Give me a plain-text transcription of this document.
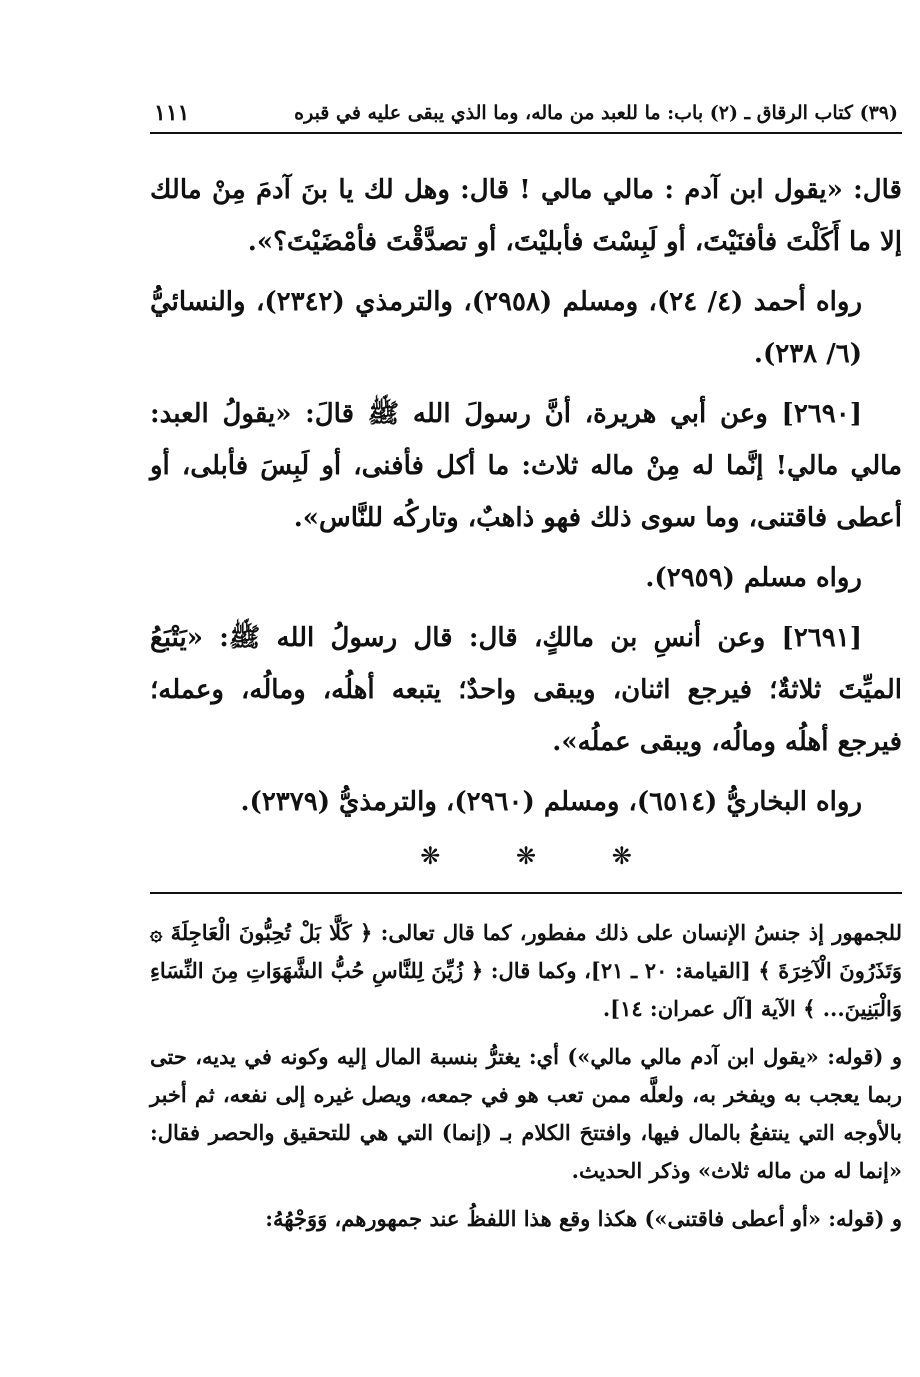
(٣٩) كتاب الرقاق ـ (٢) باب: ما للعبد من ماله، وما الذي يبقى عليه في قبره
١١١

قال: «يقول ابن آدم : مالي مالي ! قال: وهل لك يا بنَ آدمَ مِنْ مالك إلا ما أَكَلْتَ فأفنَيْتَ، أو لَبِسْتَ فأبليْتَ، أو تصدَّقْتَ فأمْضَيْتَ؟».

رواه أحمد (٤/ ٢٤)، ومسلم (٢٩٥٨)، والترمذي (٢٣٤٢)، والنسائيُّ (٦/ ٢٣٨).

[٢٦٩٠] وعن أبي هريرة، أنَّ رسولَ الله ﷺ قالَ: «يقولُ العبد: مالي مالي! إنَّما له مِنْ ماله ثلاث: ما أكل فأفنى، أو لَبِسَ فأبلى، أو أعطى فاقتنى، وما سوى ذلك فهو ذاهبٌ، وتاركُه للنَّاس».

رواه مسلم (٢٩٥٩).

[٢٦٩١] وعن أنسِ بن مالكٍ، قال: قال رسولُ الله ﷺ: «يَتْبَعُ الميِّتَ ثلاثةٌ؛ فيرجع اثنان، ويبقى واحدٌ؛ يتبعه أهلُه، ومالُه، وعمله؛ فيرجع أهلُه ومالُه، ويبقى عملُه».

رواه البخاريُّ (٦٥١٤)، ومسلم (٢٩٦٠)، والترمذيُّ (٢٣٧٩).

❋	❋	❋

للجمهور إذ جنسُ الإنسان على ذلك مفطور، كما قال تعالى: ﴿ كَلَّا بَلْ تُحِبُّونَ الْعَاجِلَةَ ۞ وَتَذَرُونَ الْآخِرَةَ ﴾ [القيامة: ٢٠ ـ ٢١]، وكما قال: ﴿ زُيِّنَ لِلنَّاسِ حُبُّ الشَّهَوَاتِ مِنَ النِّسَاءِ وَالْبَنِينَ... ﴾ الآية [آل عمران: ١٤].

و (قوله: «يقول ابن آدم مالي مالي») أي: يغترُّ بنسبة المال إليه وكونه في يديه، حتى ربما يعجب به ويفخر به، ولعلَّه ممن تعب هو في جمعه، ويصل غيره إلى نفعه، ثم أخبر بالأوجه التي ينتفعُ بالمال فيها، وافتتحَ الكلام بـ (إنما) التي هي للتحقيق والحصر فقال: «إنما له من ماله ثلاث» وذكر الحديث.

و (قوله: «أو أعطى فاقتنى») هكذا وقع هذا اللفظُ عند جمهورهم، وَوَجْهُهُ:
